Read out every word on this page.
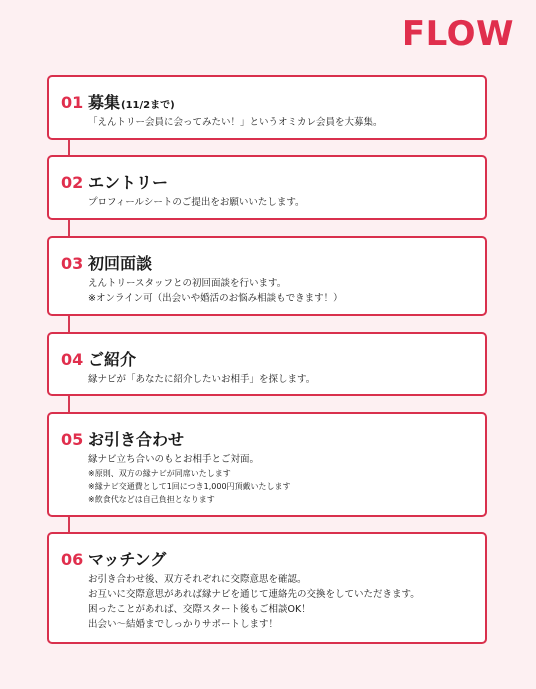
FLOW
01 募集 (11/2まで)
「えんトリー会員に会ってみたい！」というオミカレ会員を大募集。
02 エントリー
プロフィールシートのご提出をお願いいたします。
03 初回面談
えんトリースタッフとの初回面談を行います。
※オンライン可（出会いや婚活のお悩み相談もできます！）
04 ご紹介
縁ナビが「あなたに紹介したいお相手」を探します。
05 お引き合わせ
縁ナビ立ち合いのもとお相手とご対面。
※原則、双方の縁ナビが同席いたします
※縁ナビ交通費として1回につき1,000円頂戴いたします
※飲食代などは自己負担となります
06 マッチング
お引き合わせ後、双方それぞれに交際意思を確認。
お互いに交際意思があれば縁ナビを通じて連絡先の交換をしていただきます。
困ったことがあれば、交際スタート後もご相談OK！
出会い〜結婚までしっかりサポートします！
